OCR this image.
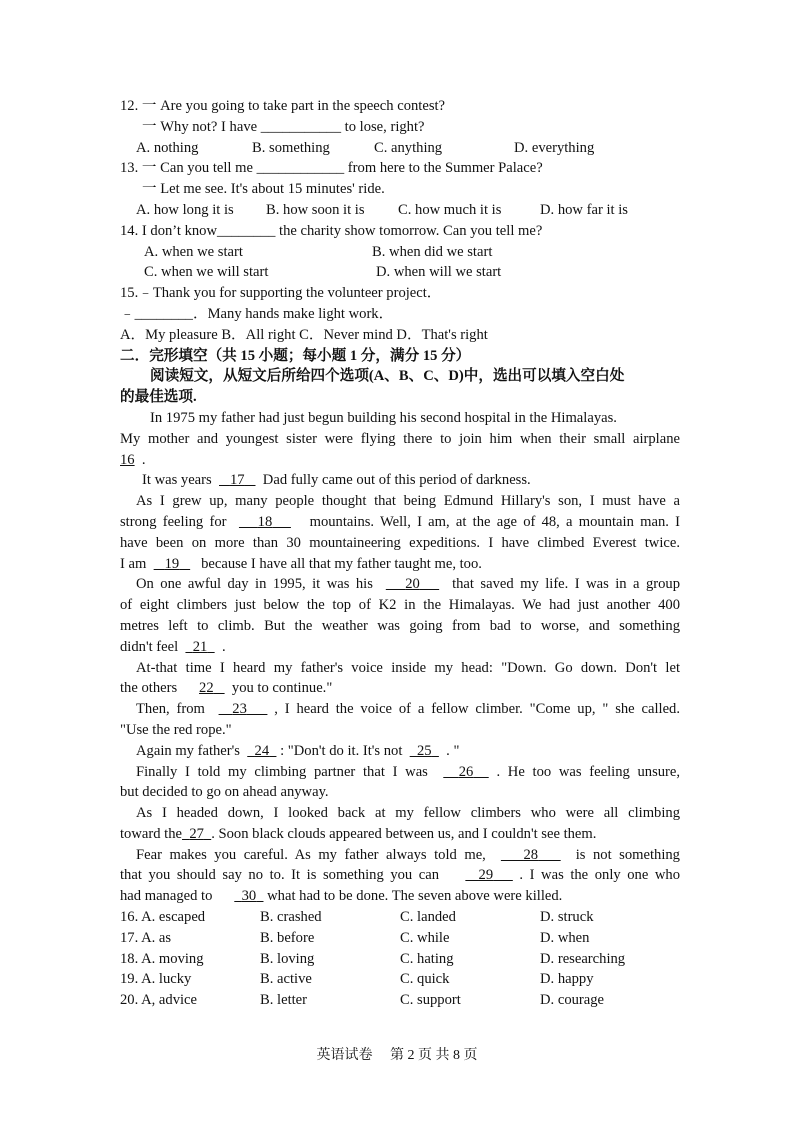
12. 一 Are you going to take part in the speech contest?
一 Why not? I have ___________ to lose, right?
A. nothing	B. something	C. anything	D. everything
13. 一 Can you tell me ____________ from here to the Summer Palace?
一 Let me see. It's about 15 minutes' ride.
A. how long it is	B. how soon it is	C. how much it is	D. how far it is
14. I don’t know________ the charity show tomorrow. Can you tell me?
A. when we start	B. when did we start
C. when we will start	D. when will we start
15.﹣Thank you for supporting the volunteer project．
﹣________．Many hands make light work．
A．My pleasure B．All right C．Never mind D．That's right
二．完形填空（共 15 小题；每小题 1 分，满分 15 分）
阅读短文，从短文后所给四个选项(A、B、C、D)中，选出可以填入空白处
的最佳选项.
In 1975 my father had just begun building his second hospital in the Himalayas.
My mother and youngest sister were flying there to join him when their small airplane
16 .
It was years 17 Dad fully came out of this period of darkness.
As I grew up, many people thought that being Edmund Hillary's son, I must have a
strong feeling for 18	mountains. Well, I am, at the age of 48, a mountain man. I
have been on more than 30 mountaineering expeditions. I have climbed Everest twice.
I am 19 because I have all that my father taught me, too.
On one awful day in 1995, it was his 20 that saved my life. I was in a group
of eight climbers just below the top of K2 in the Himalayas. We had just another 400
metres left to climb. But the weather was going from bad to worse, and something
didn't feel 21 .
At-that time I heard my father's voice inside my head: "Down. Go down. Don't let
the others 22 you to continue."
Then, from 23 , I heard the voice of a fellow climber. "Come up, " she called.
"Use the red rope."
Again my father's 24 : "Don't do it. It's not 25 . "
Finally I told my climbing partner that I was 26 . He too was feeling unsure,
but decided to go on ahead anyway.
As I headed down, I looked back at my fellow climbers who were all climbing
toward the 27 . Soon black clouds appeared between us, and I couldn't see them.
Fear makes you careful. As my father always told me,	28	is not something
that you should say no to. It is something you can	29 . I was the only one who
had managed to 30 what had to be done. The seven above were killed.
16. A. escaped	B. crashed	C. landed	D. struck
17. A. as	B. before	C. while	D. when
18. A. moving	B. loving	C. hating	D. researching
19. A. lucky	B. active	C. quick	D. happy
20. A, advice	B. letter	C. support	D. courage
英语试卷　 第 2 页 共 8 页
